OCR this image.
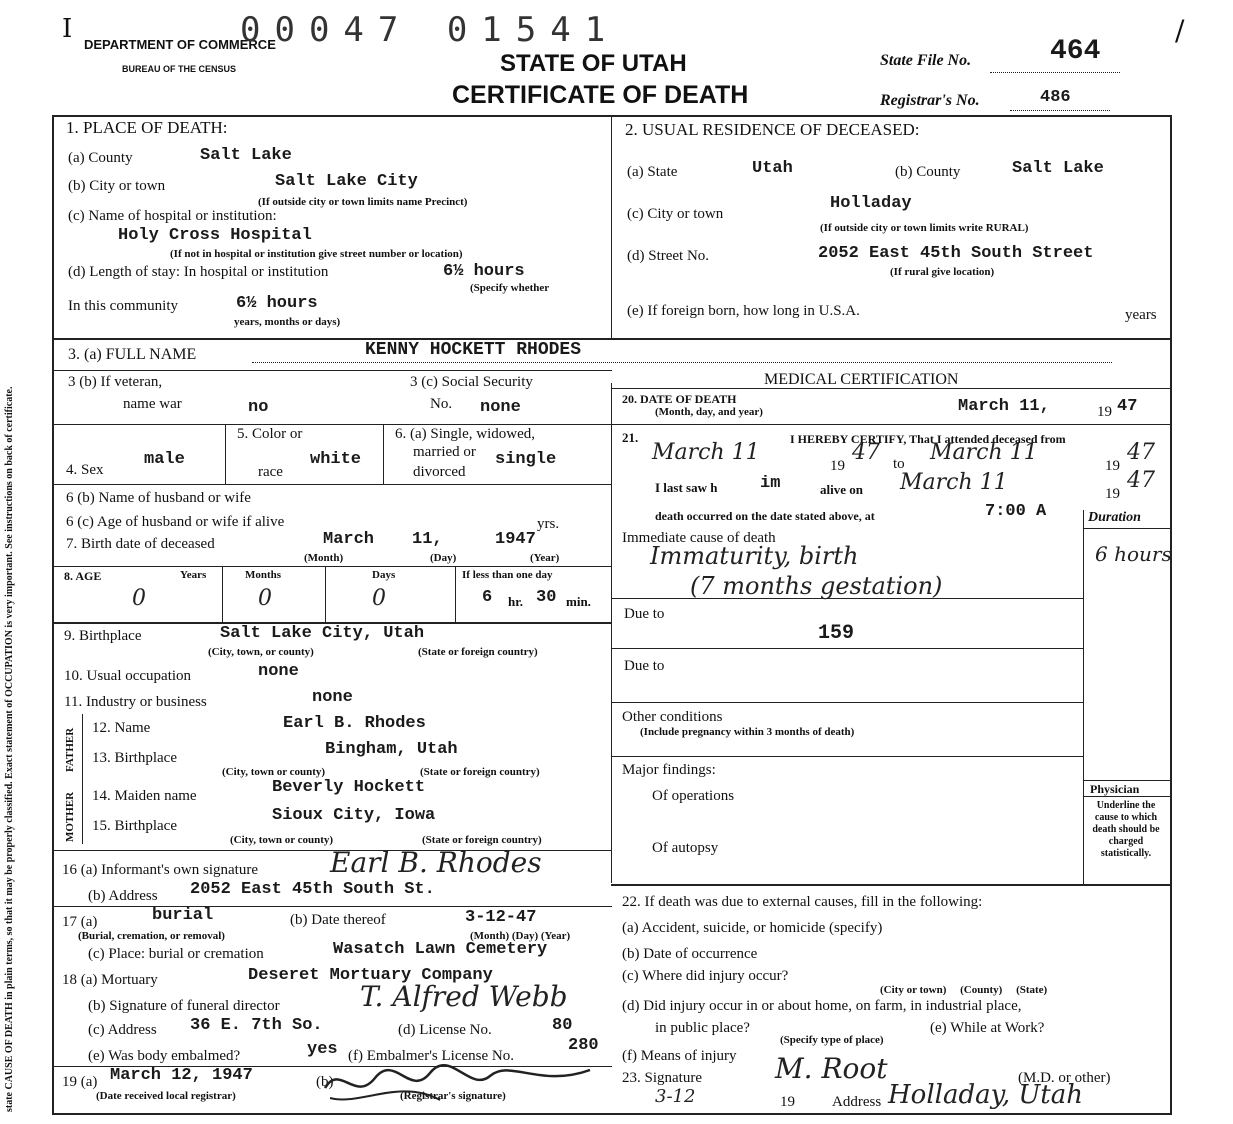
I
DEPARTMENT OF COMMERCE
BUREAU OF THE CENSUS
00047 01541
STATE OF UTAH
CERTIFICATE OF DEATH
State File No.	464
Registrar's No.	486
/
state CAUSE OF DEATH in plain terms, so that it may be properly classified. Exact statement of OCCUPATION is very important. See instructions on back of certificate.
1. PLACE OF DEATH:
(a) County	Salt Lake
(b) City or town	Salt Lake City
(If outside city or town limits name Precinct)
(c) Name of hospital or institution:
Holy Cross Hospital
(If not in hospital or institution give street number or location)
(d) Length of stay: In hospital or institution	6½ hours
(Specify whether
In this community	6½ hours
years, months or days)
2. USUAL RESIDENCE OF DECEASED:
(a) State	Utah	(b) County	Salt Lake
(c) City or town
Holladay
(If outside city or town limits write RURAL)
(d) Street No.	2052 East 45th South Street
(If rural give location)
(e) If foreign born, how long in U.S.A.	years
3. (a) FULL NAME	KENNY HOCKETT RHODES
3 (b) If veteran,
name war	no
3 (c) Social Security
No. none
MEDICAL CERTIFICATION
20. DATE OF DEATH
(Month, day, and year)	March 11,	19 47
4. Sex
male
5. Color or
race
white
6. (a) Single, widowed,
married or
divorced
single
6 (b) Name of husband or wife
6 (c) Age of husband or wife if alive	yrs.
7. Birth date of deceased	March 11,	1947
(Month)	(Day)	(Year)
8. AGE	Years	Months	Days	If less than one day
0	0	0	6 hr. 30 min.
9. Birthplace	Salt Lake City, Utah
(City, town, or county)	(State or foreign country)
10. Usual occupation	none
11. Industry or business	none
FATHER
MOTHER
12. Name	Earl B. Rhodes
13. Birthplace	Bingham, Utah
(City, town or county)	(State or foreign country)
14. Maiden name	Beverly Hockett
15. Birthplace
Sioux City, Iowa
(City, town or county)	(State or foreign country)
16 (a) Informant's own signature	Earl B. Rhodes
(b) Address 2052 East 45th South St.
17 (a)	burial
(Burial, cremation, or removal)
(b) Date thereof	3-12-47
(Month) (Day) (Year)
(c) Place: burial or cremation	Wasatch Lawn Cemetery
18 (a) Mortuary	Deseret Mortuary Company
(b) Signature of funeral director	T. Alfred Webb
(c) Address 36 E. 7th So.	(d) License No.	80
(e) Was body embalmed?	yes (f) Embalmer's License No.
280
19 (a) March 12, 1947
(Date received local registrar)
(b)
(Registrar's signature)
21.	I HEREBY CERTIFY, That I attended deceased from
March 11
19
47 to March 11
19
47
I last saw h	im	alive on March 11	19
47
death occurred on the date stated above, at	7:00 A	Duration
Immediate cause of death
Immaturity, birth
(7 months gestation)
6 hours
Due to
159
Due to
Other conditions
(Include pregnancy within 3 months of death)
Major findings:
Of operations
Of autopsy
Physician
Underline the cause to which death should be charged statistically.
22. If death was due to external causes, fill in the following:
(a) Accident, suicide, or homicide (specify)
(b) Date of occurrence
(c) Where did injury occur?
(City or town)     (County)     (State)
(d) Did injury occur in or about home, on farm, in industrial place,
in public place?
(Specify type of place)
(e) While at Work?
(f) Means of injury
23. Signature	M. Root	(M.D. or other)
3-12	19 Address Holladay, Utah
